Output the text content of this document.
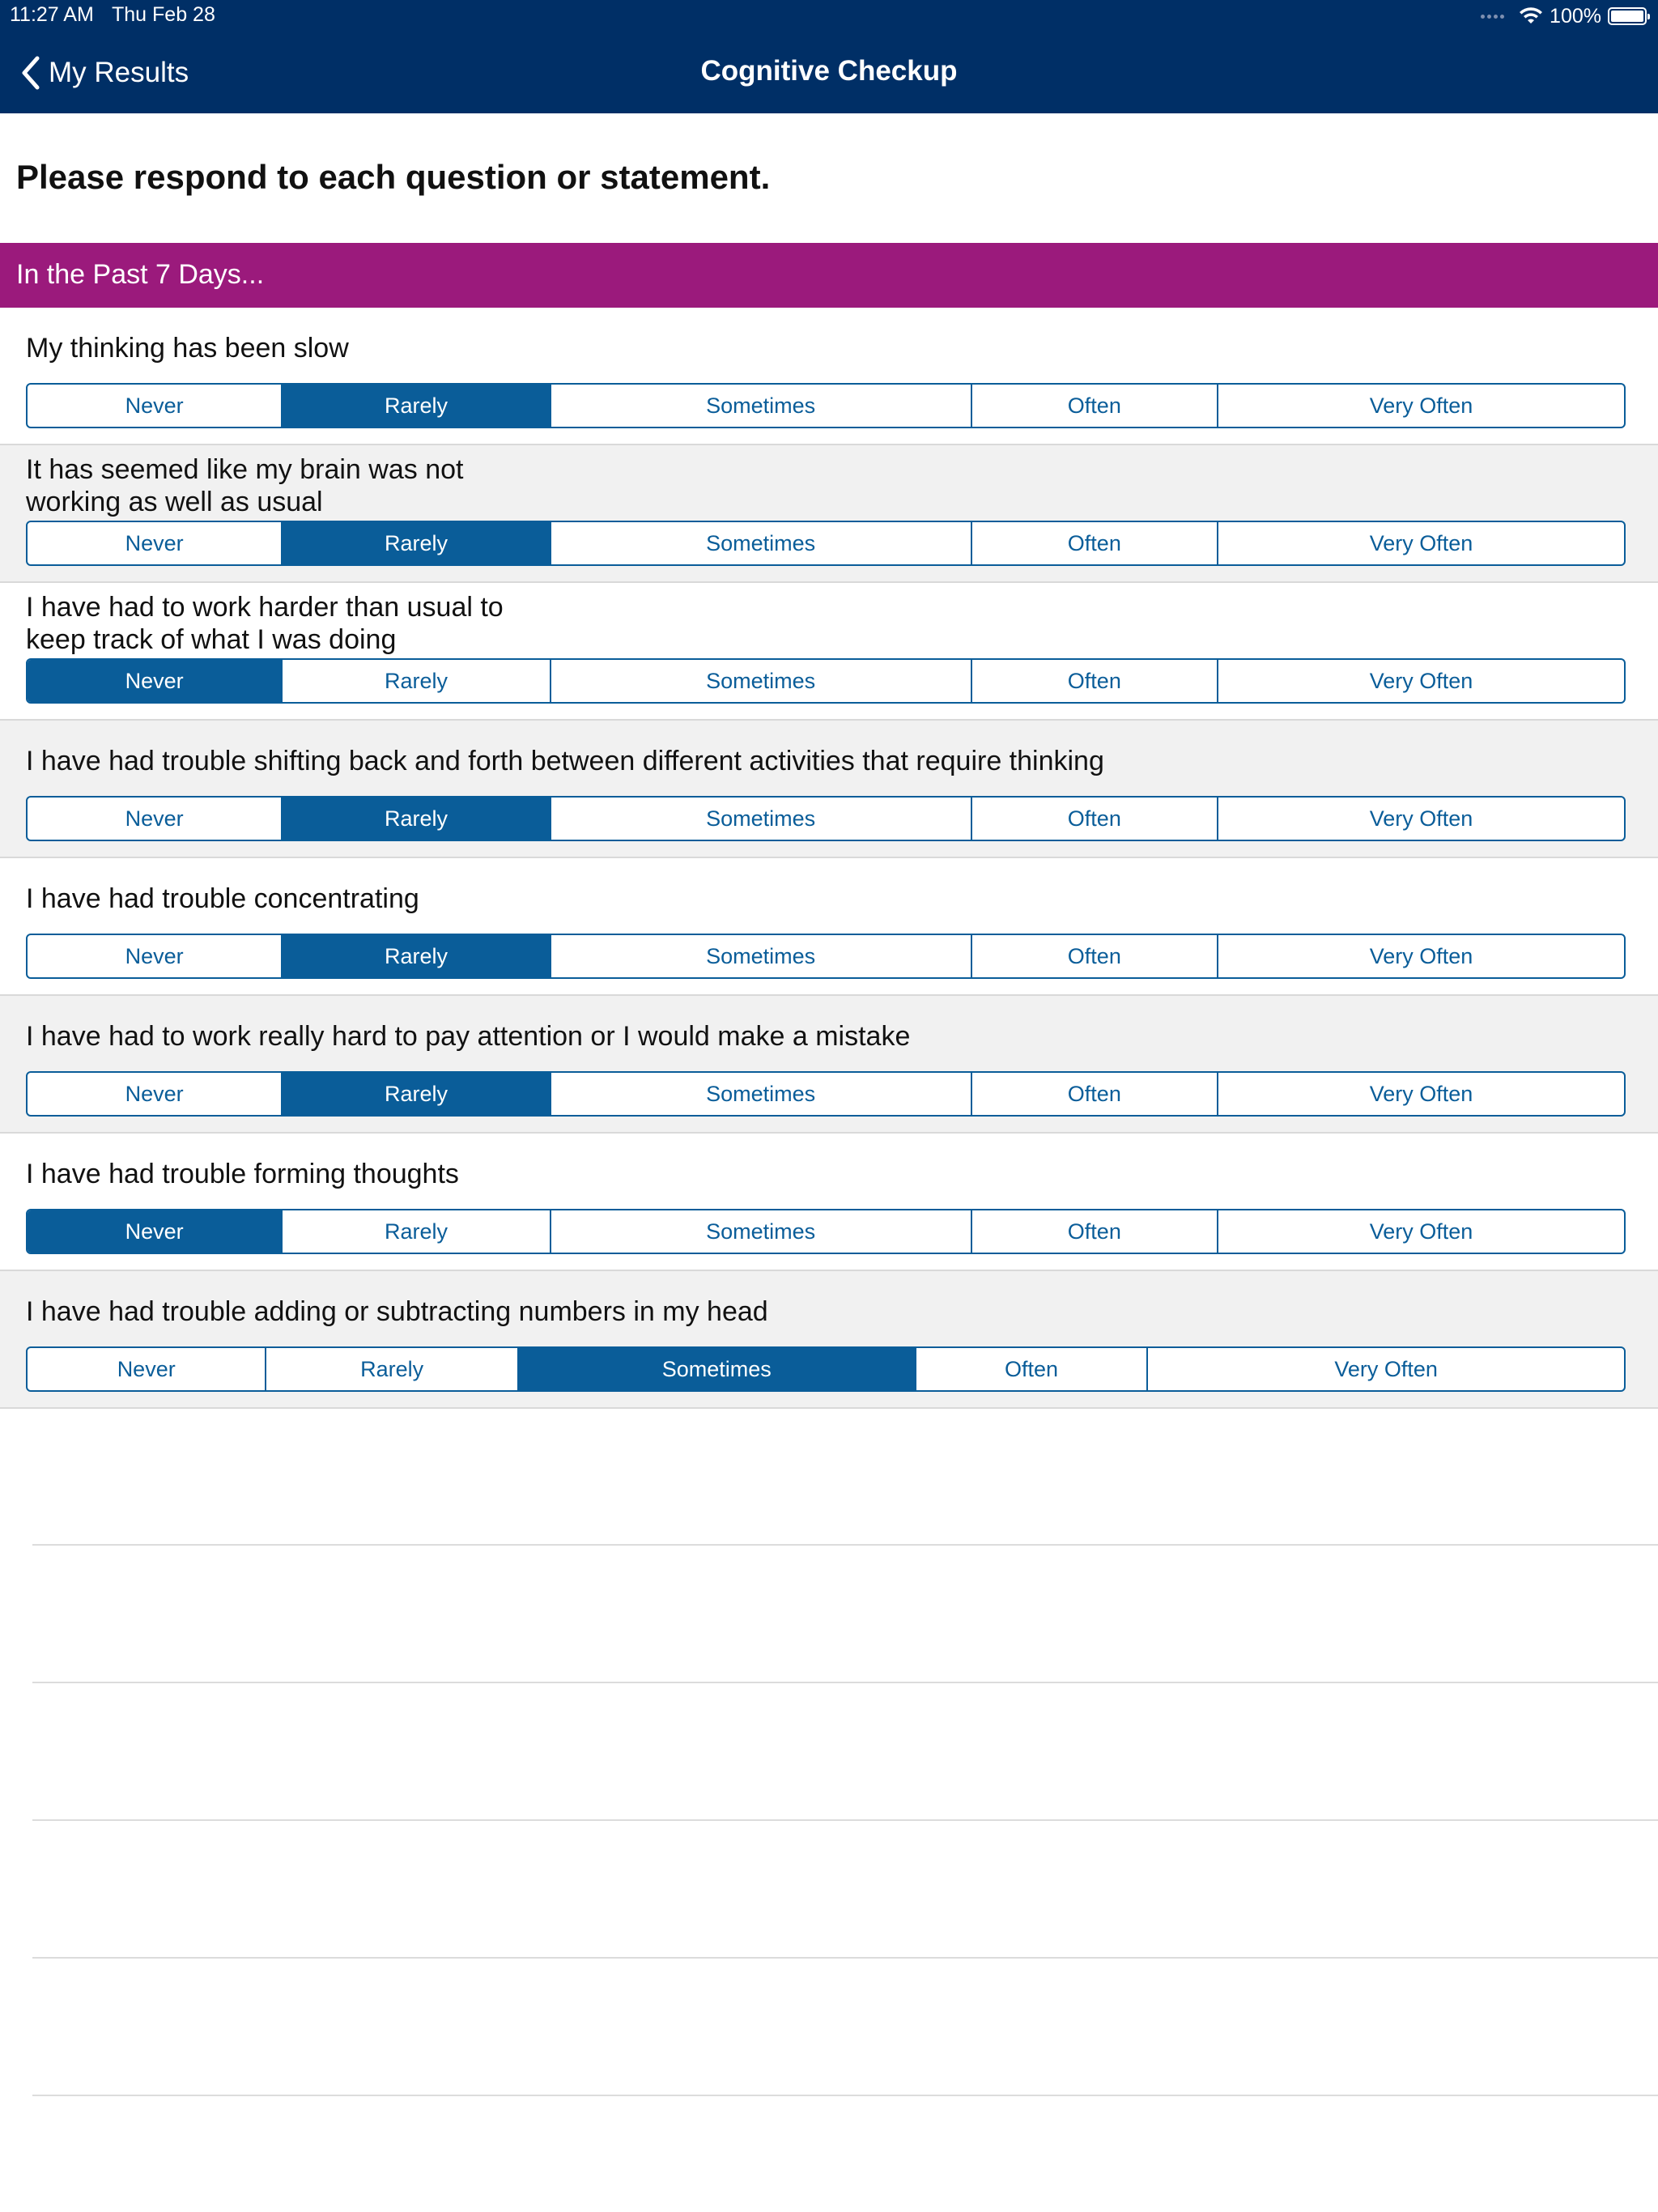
11:27 AM Thu Feb 28	100%
My Results	Cognitive Checkup
Please respond to each question or statement.
In the Past 7 Days...
My thinking has been slow
Never	Rarely	Sometimes	Often	Very Often
It has seemed like my brain was not
working as well as usual
Never	Rarely	Sometimes	Often	Very Often
I have had to work harder than usual to
keep track of what I was doing
Never	Rarely	Sometimes	Often	Very Often
I have had trouble shifting back and forth between different activities that require thinking
Never	Rarely	Sometimes	Often	Very Often
I have had trouble concentrating
Never	Rarely	Sometimes	Often	Very Often
I have had to work really hard to pay attention or I would make a mistake
Never	Rarely	Sometimes	Often	Very Often
I have had trouble forming thoughts
Never	Rarely	Sometimes	Often	Very Often
I have had trouble adding or subtracting numbers in my head
Never	Rarely	Sometimes	Often	Very Often
